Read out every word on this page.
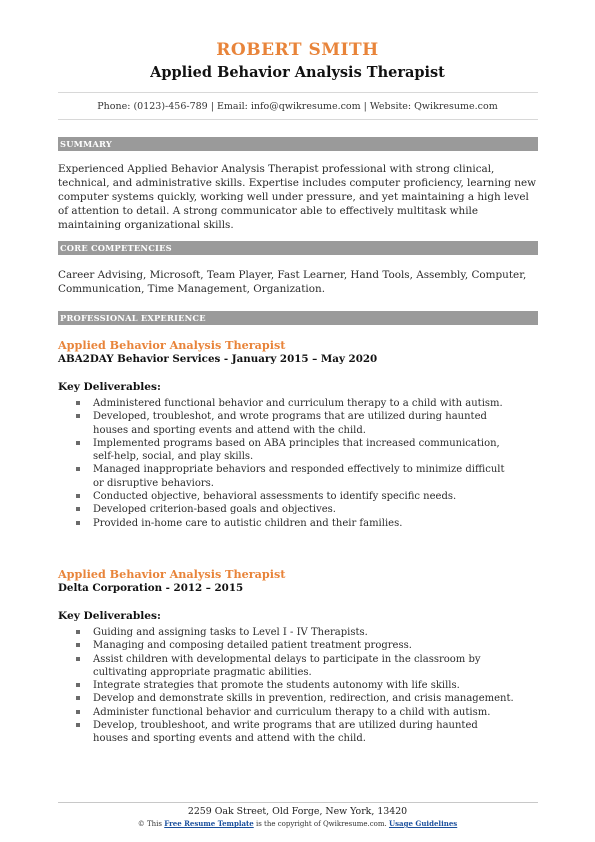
ROBERT SMITH
Applied Behavior Analysis Therapist
Phone: (0123)-456-789 | Email: info@qwikresume.com | Website: Qwikresume.com
SUMMARY
Experienced Applied Behavior Analysis Therapist professional with strong clinical, technical, and administrative skills. Expertise includes computer proficiency, learning new computer systems quickly, working well under pressure, and yet maintaining a high level of attention to detail. A strong communicator able to effectively multitask while maintaining organizational skills.
CORE COMPETENCIES
Career Advising, Microsoft, Team Player, Fast Learner, Hand Tools, Assembly, Computer, Communication, Time Management, Organization.
PROFESSIONAL EXPERIENCE
Applied Behavior Analysis Therapist
ABA2DAY Behavior Services - January 2015 – May 2020
Key Deliverables:
Administered functional behavior and curriculum therapy to a child with autism.
Developed, troubleshot, and wrote programs that are utilized during haunted houses and sporting events and attend with the child.
Implemented programs based on ABA principles that increased communication, self-help, social, and play skills.
Managed inappropriate behaviors and responded effectively to minimize difficult or disruptive behaviors.
Conducted objective, behavioral assessments to identify specific needs.
Developed criterion-based goals and objectives.
Provided in-home care to autistic children and their families.
Applied Behavior Analysis Therapist
Delta Corporation - 2012 – 2015
Key Deliverables:
Guiding and assigning tasks to Level I - IV Therapists.
Managing and composing detailed patient treatment progress.
Assist children with developmental delays to participate in the classroom by cultivating appropriate pragmatic abilities.
Integrate strategies that promote the students autonomy with life skills.
Develop and demonstrate skills in prevention, redirection, and crisis management.
Administer functional behavior and curriculum therapy to a child with autism.
Develop, troubleshoot, and write programs that are utilized during haunted houses and sporting events and attend with the child.
2259 Oak Street, Old Forge, New York, 13420
© This Free Resume Template is the copyright of Qwikresume.com. Usage Guidelines
